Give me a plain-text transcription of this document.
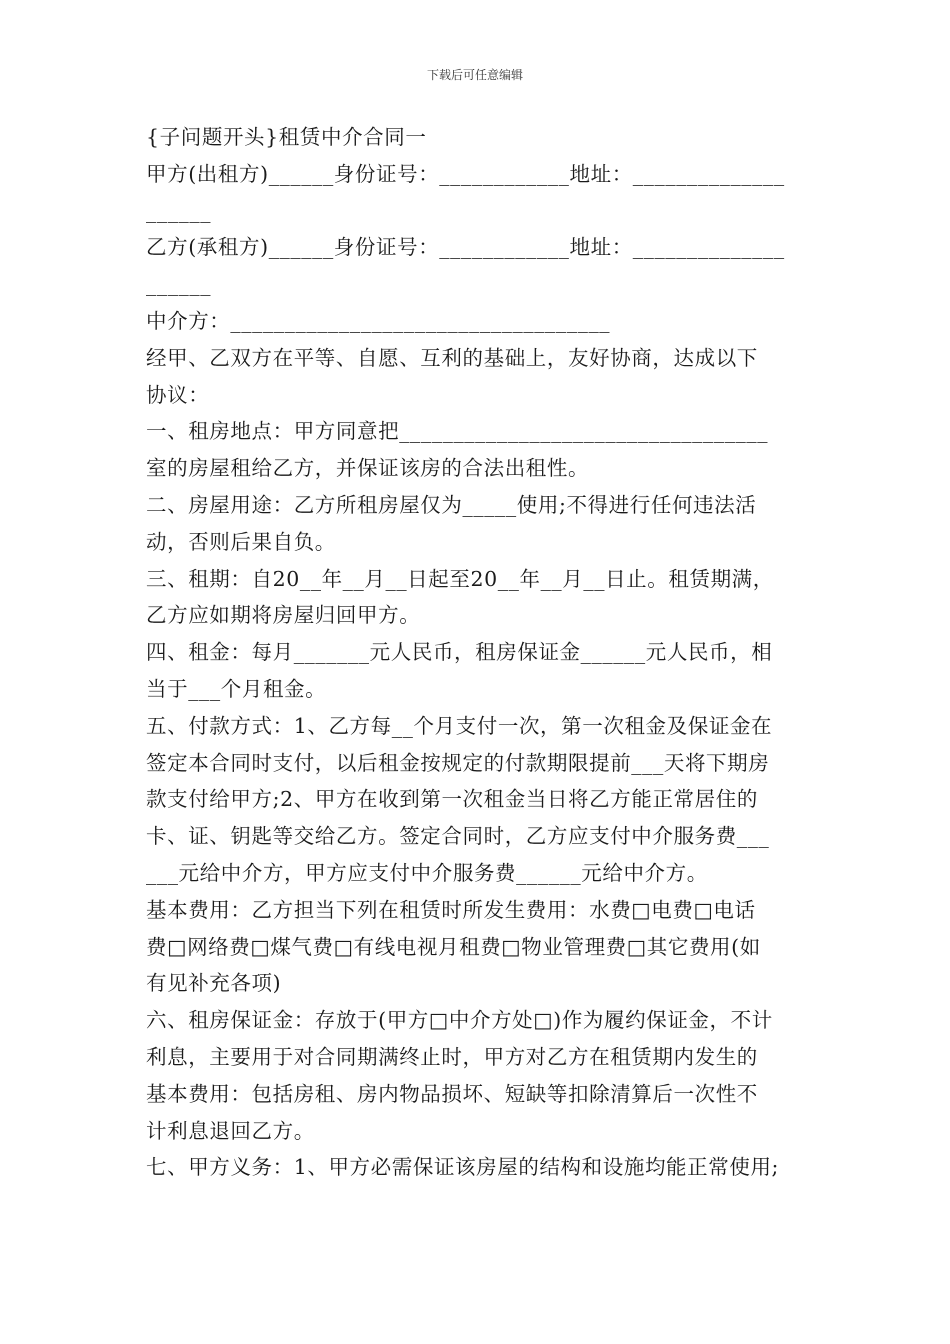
下载后可任意编辑
{子问题开头}租赁中介合同一
甲方(出租方)______身份证号：____________地址：______________
______
乙方(承租方)______身份证号：____________地址：______________
______
中介方：___________________________________
经甲、乙双方在平等、自愿、互利的基础上，友好协商，达成以下
协议：
一、租房地点：甲方同意把__________________________________
室的房屋租给乙方，并保证该房的合法出租性。
二、房屋用途：乙方所租房屋仅为_____使用;不得进行任何违法活
动，否则后果自负。
三、租期：自20__年__月__日起至20__年__月__日止。租赁期满，
乙方应如期将房屋归回甲方。
四、租金：每月_______元人民币，租房保证金______元人民币，相
当于___个月租金。
五、付款方式：1、乙方每__个月支付一次，第一次租金及保证金在
签定本合同时支付，以后租金按规定的付款期限提前___天将下期房
款支付给甲方;2、甲方在收到第一次租金当日将乙方能正常居住的
卡、证、钥匙等交给乙方。签定合同时，乙方应支付中介服务费___
___元给中介方，甲方应支付中介服务费______元给中介方。
基本费用：乙方担当下列在租赁时所发生费用：水费□电费□电话
费□网络费□煤气费□有线电视月租费□物业管理费□其它费用(如
有见补充各项)
六、租房保证金：存放于(甲方□中介方处□)作为履约保证金，不计
利息，主要用于对合同期满终止时，甲方对乙方在租赁期内发生的
基本费用：包括房租、房内物品损坏、短缺等扣除清算后一次性不
计利息退回乙方。
七、甲方义务：1、甲方必需保证该房屋的结构和设施均能正常使用;
